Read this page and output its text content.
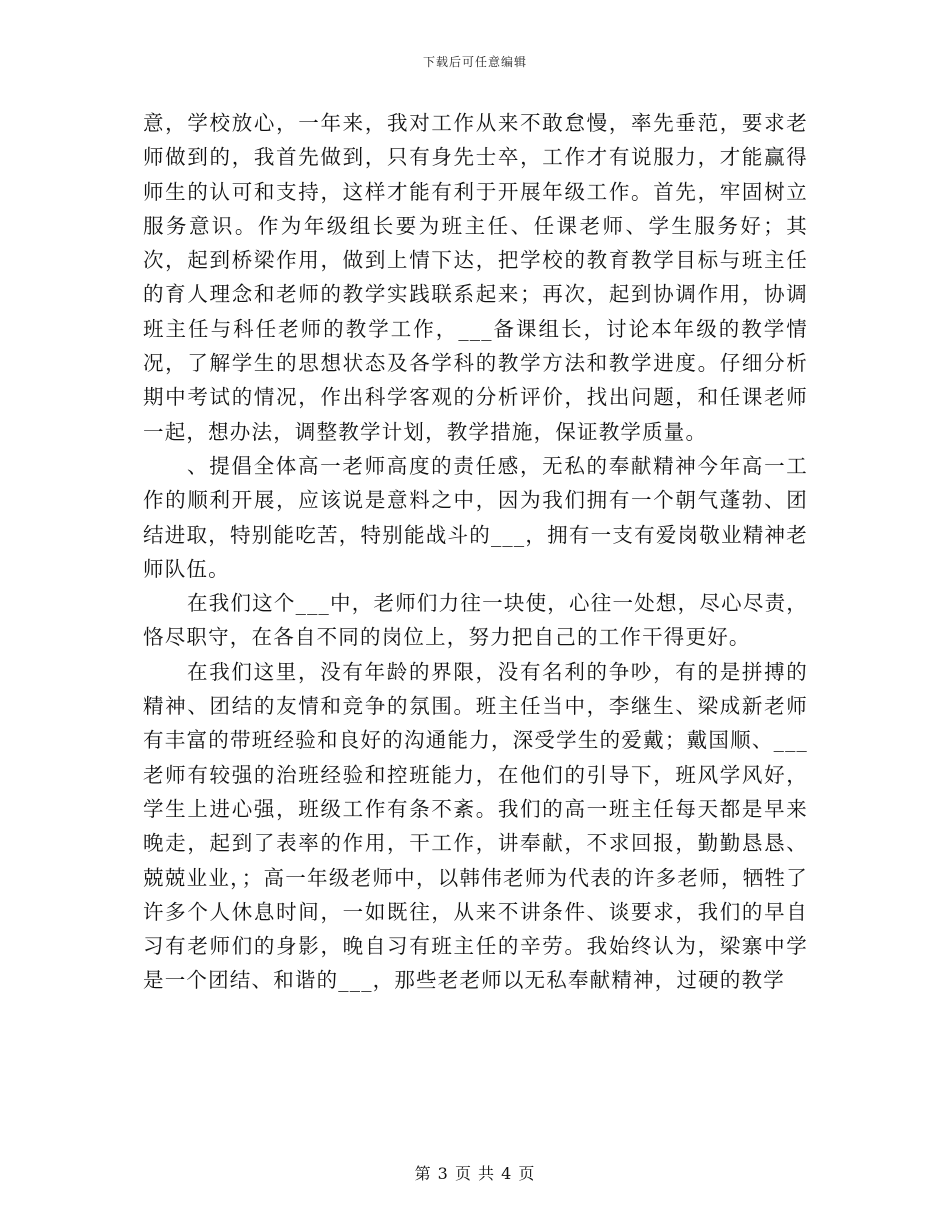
下载后可任意编辑

意，学校放心，一年来，我对工作从来不敢怠慢，率先垂范，要求老师做到的，我首先做到，只有身先士卒，工作才有说服力，才能赢得师生的认可和支持，这样才能有利于开展年级工作。首先，牢固树立服务意识。作为年级组长要为班主任、任课老师、学生服务好；其次，起到桥梁作用，做到上情下达，把学校的教育教学目标与班主任的育人理念和老师的教学实践联系起来；再次，起到协调作用，协调班主任与科任老师的教学工作，___备课组长，讨论本年级的教学情况，了解学生的思想状态及各学科的教学方法和教学进度。仔细分析期中考试的情况，作出科学客观的分析评价，找出问题，和任课老师一起，想办法，调整教学计划，教学措施，保证教学质量。

、提倡全体高一老师高度的责任感，无私的奉献精神今年高一工作的顺利开展，应该说是意料之中，因为我们拥有一个朝气蓬勃、团结进取，特别能吃苦，特别能战斗的___，拥有一支有爱岗敬业精神老师队伍。

在我们这个___中，老师们力往一块使，心往一处想，尽心尽责，恪尽职守，在各自不同的岗位上，努力把自己的工作干得更好。

在我们这里，没有年龄的界限，没有名利的争吵，有的是拼搏的精神、团结的友情和竞争的氛围。班主任当中，李继生、梁成新老师有丰富的带班经验和良好的沟通能力，深受学生的爱戴；戴国顺、___老师有较强的治班经验和控班能力，在他们的引导下，班风学风好，学生上进心强，班级工作有条不紊。我们的高一班主任每天都是早来晚走，起到了表率的作用，干工作，讲奉献，不求回报，勤勤恳恳、兢兢业业，；高一年级老师中，以韩伟老师为代表的许多老师，牺牲了许多个人休息时间，一如既往，从来不讲条件、谈要求，我们的早自习有老师们的身影，晚自习有班主任的辛劳。我始终认为，梁寨中学是一个团结、和谐的___，那些老老师以无私奉献精神，过硬的教学

第 3 页 共 4 页
